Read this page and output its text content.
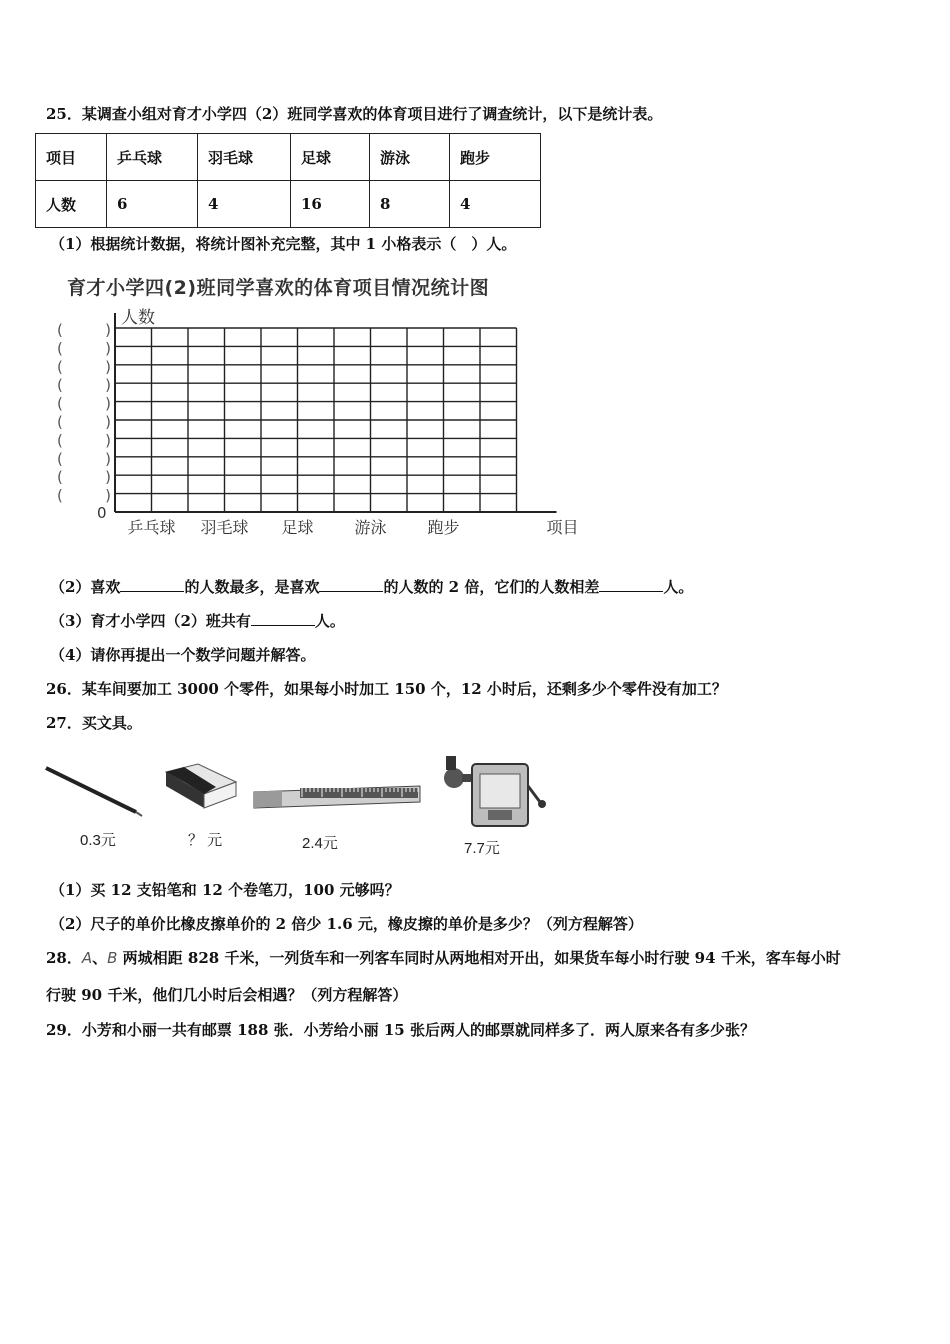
25．某调查小组对育才小学四（2）班同学喜欢的体育项目进行了调查统计，以下是统计表。
项目	乒乓球	羽毛球	足球	游泳	跑步
人数	6	4	16	8	4
（1）根据统计数据，将统计图补充完整，其中 1 小格表示（　）人。
人数
0
(　　)
(　　)
(　　)
(　　)
(　　)
(　　)
(　　)
(　　)
(　　)
(　　)
乒乓球 羽毛球 足球	游泳	跑步	项目
育才小学四(2)班同学喜欢的体育项目情况统计图
（2）喜欢	的人数最多，是喜欢	的人数的 2 倍，它们的人数相差	人。
（3）育才小学四（2）班共有	人。
（4）请你再提出一个数学问题并解答。
26．某车间要加工 3000 个零件，如果每小时加工 150 个，12 小时后，还剩多少个零件没有加工？
27．买文具。
0.3元	？ 元	2.4元	7.7元
（1）买 12 支铅笔和 12 个卷笔刀，100 元够吗？
（2）尺子的单价比橡皮擦单价的 2 倍少 1.6 元，橡皮擦的单价是多少？（列方程解答）
28．A、B 两城相距 828 千米，一列货车和一列客车同时从两地相对开出，如果货车每小时行驶 94 千米，客车每小时
行驶 90 千米，他们几小时后会相遇？（列方程解答）
29．小芳和小丽一共有邮票 188 张．小芳给小丽 15 张后两人的邮票就同样多了．两人原来各有多少张？
